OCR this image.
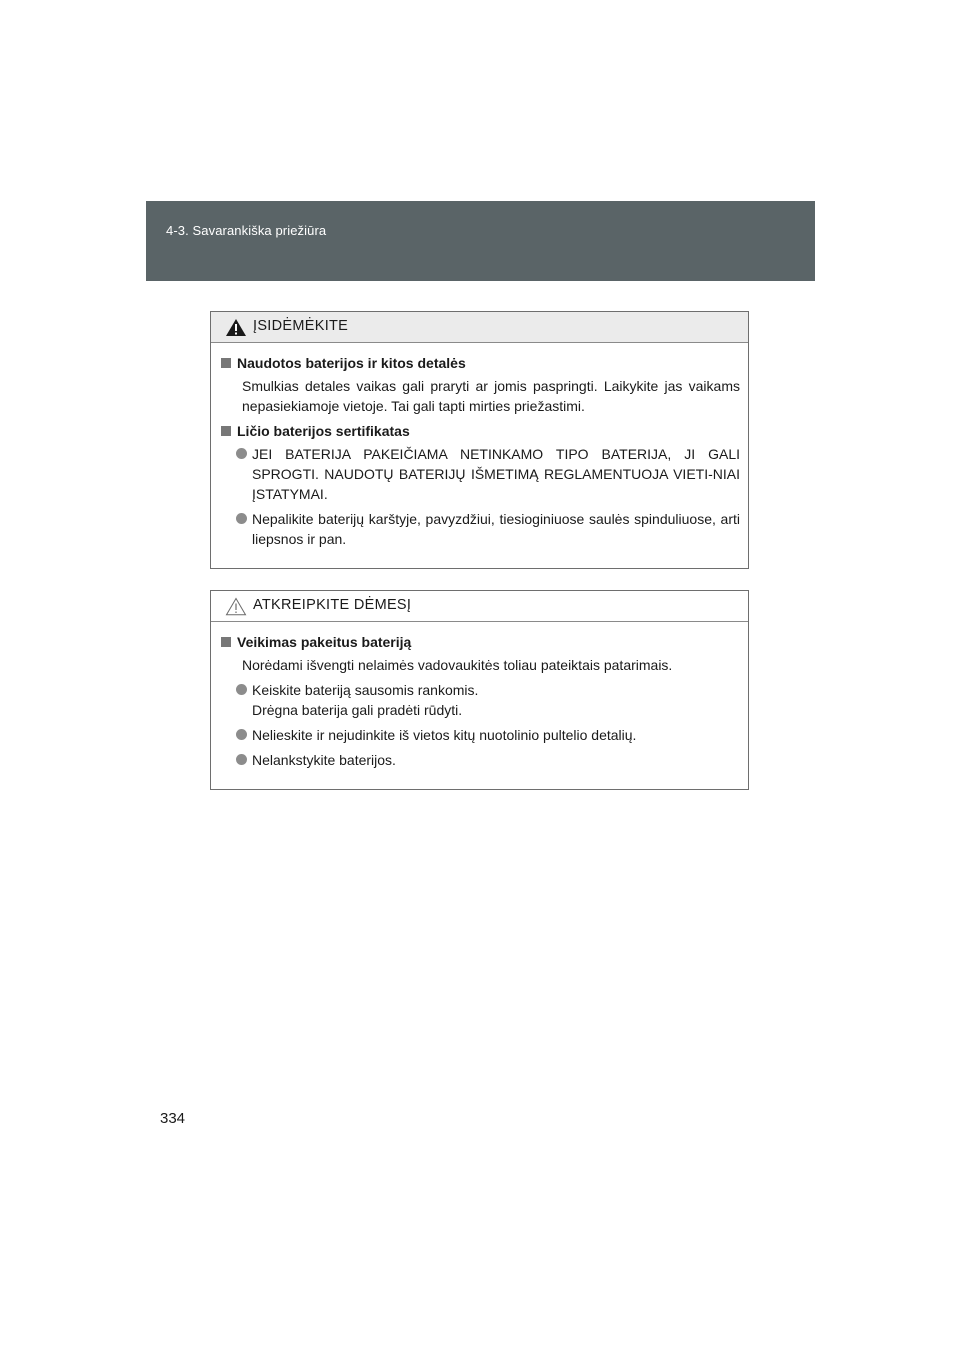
4-3. Savarankiška priežiūra
ĮSIDĖMĖKITE
Naudotos baterijos ir kitos detalės
Smulkias detales vaikas gali praryti ar jomis paspringti. Laikykite jas vaikams nepasiekiamoje vietoje. Tai gali tapti mirties priežastimi.
Ličio baterijos sertifikatas
JEI BATERIJA PAKEIČIAMA NETINKAMO TIPO BATERIJA, JI GALI SPROGTI. NAUDOTŲ BATERIJŲ IŠMETIMĄ REGLAMENTUOJA VIETI-NIAI ĮSTATYMAI.
Nepalikite baterijų karštyje, pavyzdžiui, tiesioginiuose saulės spinduliuose, arti liepsnos ir pan.
ATKREIPKITE DĖMESĮ
Veikimas pakeitus bateriją
Norėdami išvengti nelaimės vadovaukitės toliau pateiktais patarimais.
Keiskite bateriją sausomis rankomis.
Drėgna baterija gali pradėti rūdyti.
Nelieskite ir nejudinkite iš vietos kitų nuotolinio pultelio detalių.
Nelankstykite baterijos.
334
